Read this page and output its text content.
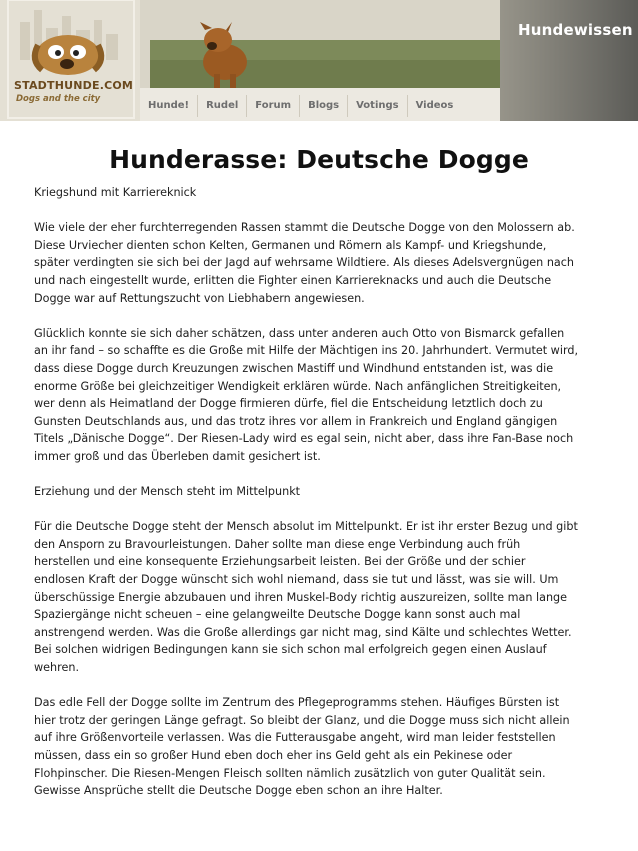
STADTHUNDE.COM
Dogs and the city
Hundewissen
Hunde!	Rudel	Forum	Blogs	Votings	Videos
Hunderasse: Deutsche Dogge

Kriegshund mit Karriereknick

Wie viele der eher furchterregenden Rassen stammt die Deutsche Dogge von den Molossern ab. Diese Urviecher dienten schon Kelten, Germanen und Römern als Kampf- und Kriegshunde, später verdingten sie sich bei der Jagd auf wehrsame Wildtiere. Als dieses Adelsvergnügen nach und nach eingestellt wurde, erlitten die Fighter einen Karriereknacks und auch die Deutsche Dogge war auf Rettungszucht von Liebhabern angewiesen.

Glücklich konnte sie sich daher schätzen, dass unter anderen auch Otto von Bismarck gefallen an ihr fand – so schaffte es die Große mit Hilfe der Mächtigen ins 20. Jahrhundert. Vermutet wird, dass diese Dogge durch Kreuzungen zwischen Mastiff und Windhund entstanden ist, was die enorme Größe bei gleichzeitiger Wendigkeit erklären würde. Nach anfänglichen Streitigkeiten, wer denn als Heimatland der Dogge firmieren dürfe, fiel die Entscheidung letztlich doch zu Gunsten Deutschlands aus, und das trotz ihres vor allem in Frankreich und England gängigen Titels „Dänische Dogge“. Der Riesen-Lady wird es egal sein, nicht aber, dass ihre Fan-Base noch immer groß und das Überleben damit gesichert ist.

Erziehung und der Mensch steht im Mittelpunkt

Für die Deutsche Dogge steht der Mensch absolut im Mittelpunkt. Er ist ihr erster Bezug und gibt den Ansporn zu Bravourleistungen. Daher sollte man diese enge Verbindung auch früh herstellen und eine konsequente Erziehungsarbeit leisten. Bei der Größe und der schier endlosen Kraft der Dogge wünscht sich wohl niemand, dass sie tut und lässt, was sie will. Um überschüssige Energie abzubauen und ihren Muskel-Body richtig auszureizen, sollte man lange Spaziergänge nicht scheuen – eine gelangweilte Deutsche Dogge kann sonst auch mal anstrengend werden. Was die Große allerdings gar nicht mag, sind Kälte und schlechtes Wetter. Bei solchen widrigen Bedingungen kann sie sich schon mal erfolgreich gegen einen Auslauf wehren.

Das edle Fell der Dogge sollte im Zentrum des Pflegeprogramms stehen. Häufiges Bürsten ist hier trotz der geringen Länge gefragt. So bleibt der Glanz, und die Dogge muss sich nicht allein auf ihre Größenvorteile verlassen. Was die Futterausgabe angeht, wird man leider feststellen müssen, dass ein so großer Hund eben doch eher ins Geld geht als ein Pekinese oder Flohpinscher. Die Riesen-Mengen Fleisch sollten nämlich zusätzlich von guter Qualität sein. Gewisse Ansprüche stellt die Deutsche Dogge eben schon an ihre Halter.
